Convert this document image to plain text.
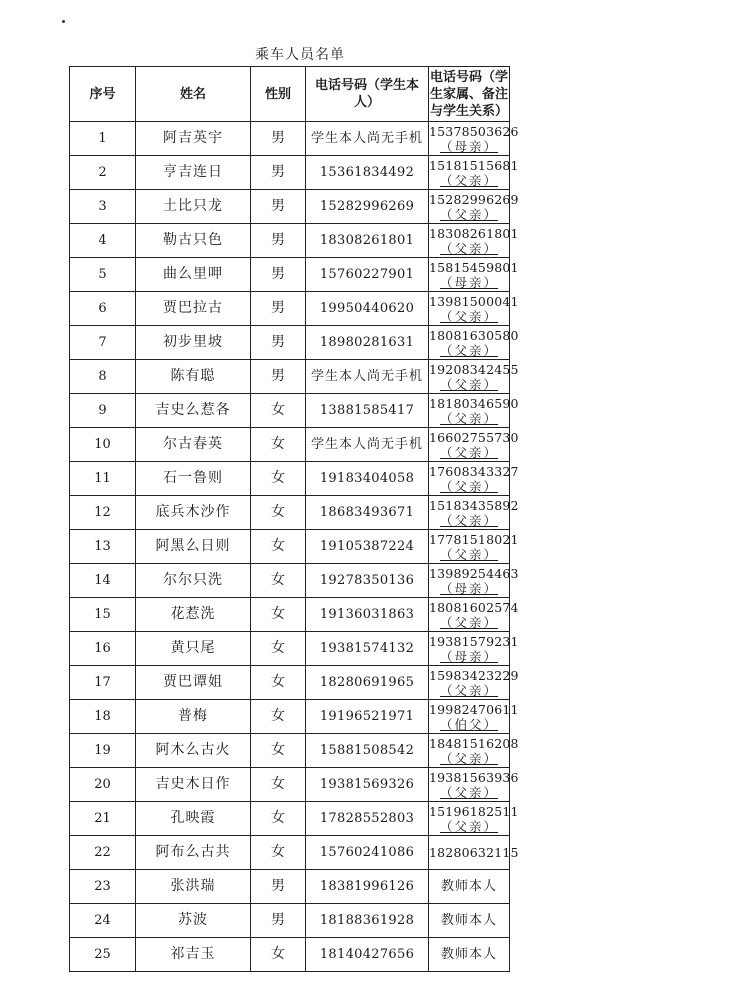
乘车人员名单
序号	姓名	性别	电话号码（学生本人）	电话号码（学生家属、备注与学生关系）
1	阿吉英宇	男	学生本人尚无手机	15378503626
（母亲）

2	亨吉连日	男	15361834492	15181515681
（父亲）

3	土比只龙	男	15282996269	15282996269
（父亲）

4	勒古只色	男	18308261801	18308261801
（父亲）

5	曲么里呷	男	15760227901	15815459801
（母亲）

6	贾巴拉古	男	19950440620	13981500041
（父亲）

7	初步里坡	男	18980281631	18081630580
（父亲）

8	陈有聪	男	学生本人尚无手机	19208342455
（父亲）

9	吉史么惹各	女	13881585417	18180346590
（父亲）

10	尔古春英	女	学生本人尚无手机	16602755730
（父亲）

11	石一鲁则	女	19183404058	17608343327
（父亲）

12	底兵木沙作	女	18683493671	15183435892
（父亲）

13	阿黑么日则	女	19105387224	17781518021
（父亲）

14	尔尔只洗	女	19278350136	13989254463
（母亲）

15	花惹洗	女	19136031863	18081602574
（父亲）

16	黄只尾	女	19381574132	19381579231
（母亲）

17	贾巴谭姐	女	18280691965	15983423229
（父亲）

18	普梅	女	19196521971	19982470611
（伯父）

19	阿木么古火	女	15881508542	18481516208
（父亲）

20	吉史木日作	女	19381569326	19381563936
（父亲）

21	孔映霞	女	17828552803	15196182511
（父亲）

22	阿布么古共	女	15760241086	18280632115

23	张洪瑞	男	18381996126	教师本人

24	苏波	男	18188361928	教师本人

25	祁吉玉	女	18140427656	教师本人
